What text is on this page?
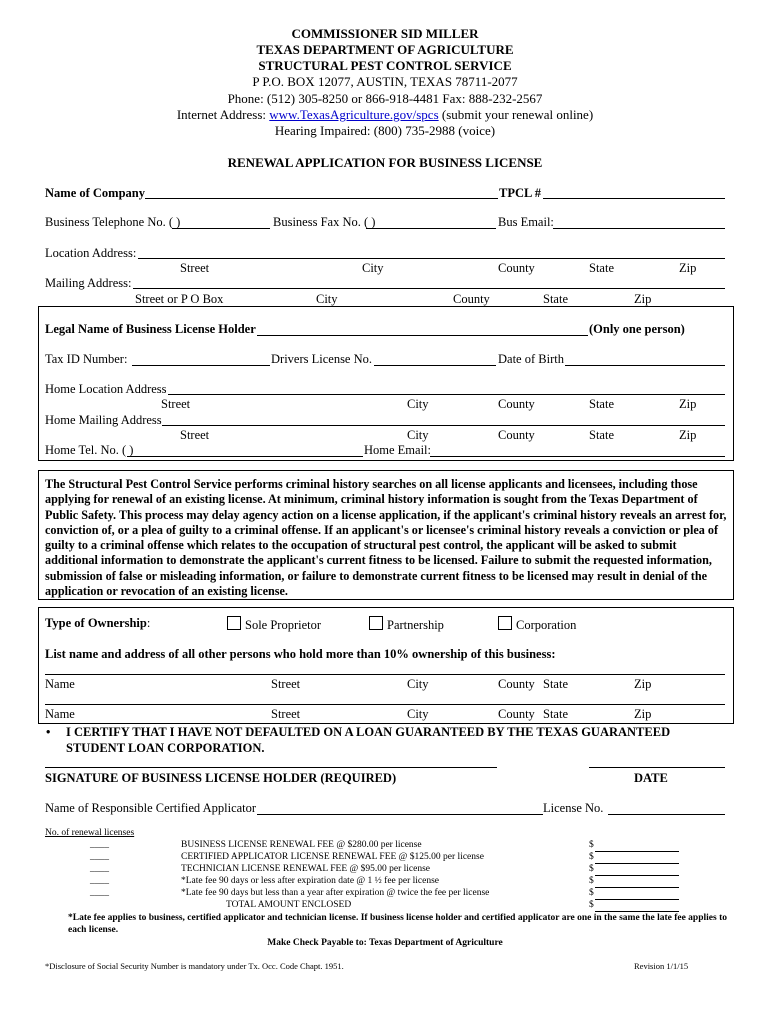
COMMISSIONER SID MILLER
TEXAS DEPARTMENT OF AGRICULTURE
STRUCTURAL PEST CONTROL SERVICE
P P.O. BOX 12077, AUSTIN, TEXAS 78711-2077
Phone: (512) 305-8250 or 866-918-4481 Fax: 888-232-2567
Internet Address: www.TexasAgriculture.gov/spcs (submit your renewal online)
Hearing Impaired: (800) 735-2988 (voice)
RENEWAL APPLICATION FOR BUSINESS LICENSE
Name of Company	TPCL #
Business Telephone No. ( )	Business Fax No. ( )	Bus Email:
Location Address:
Street	City	County	State	Zip
Mailing Address:
Street or P O Box	City	County	State	Zip
Legal Name of Business License Holder	(Only one person)
Tax ID Number:	Drivers License No.	Date of Birth
Home Location Address
Street	City	County	State	Zip
Home Mailing Address
Street	City	County	State	Zip
Home Tel. No. ( )	Home Email:
The Structural Pest Control Service performs criminal history searches on all license applicants and licensees, including those applying for renewal of an existing license. At minimum, criminal history information is sought from the Texas Department of Public Safety. This process may delay agency action on a license application, if the applicant's criminal history reveals an arrest for, conviction of, or a plea of guilty to a criminal offense. If an applicant's or licensee's criminal history reveals a conviction or plea of guilty to a criminal offense which relates to the occupation of structural pest control, the applicant will be asked to submit additional information to demonstrate the applicant's current fitness to be licensed. Failure to submit the requested information, submission of false or misleading information, or failure to demonstrate current fitness to be licensed may result in denial of the application or revocation of an existing license.
Type of Ownership:	Sole Proprietor	Partnership	Corporation
List name and address of all other persons who hold more than 10% ownership of this business:
Name	Street	City	County State	Zip
Name	Street	City	County State	Zip
• I CERTIFY THAT I HAVE NOT DEFAULTED ON A LOAN GUARANTEED BY THE TEXAS GUARANTEED
STUDENT LOAN CORPORATION.
SIGNATURE OF BUSINESS LICENSE HOLDER (REQUIRED)	DATE
Name of Responsible Certified Applicator	License No.
No. of renewal licenses
____	BUSINESS LICENSE RENEWAL FEE @ $280.00 per license	$
____	CERTIFIED APPLICATOR LICENSE RENEWAL FEE @ $125.00 per license	$
____	TECHNICIAN LICENSE RENEWAL FEE @ $95.00 per license	$
____	*Late fee 90 days or less after expiration date @ 1 ½ fee per license	$
____	*Late fee 90 days but less than a year after expiration @ twice the fee per license	$
TOTAL AMOUNT ENCLOSED	$
*Late fee applies to business, certified applicator and technician license. If business license holder and certified applicator are one in the same the late fee applies to each license.
Make Check Payable to: Texas Department of Agriculture
*Disclosure of Social Security Number is mandatory under Tx. Occ. Code Chapt. 1951.	Revision 1/1/15
